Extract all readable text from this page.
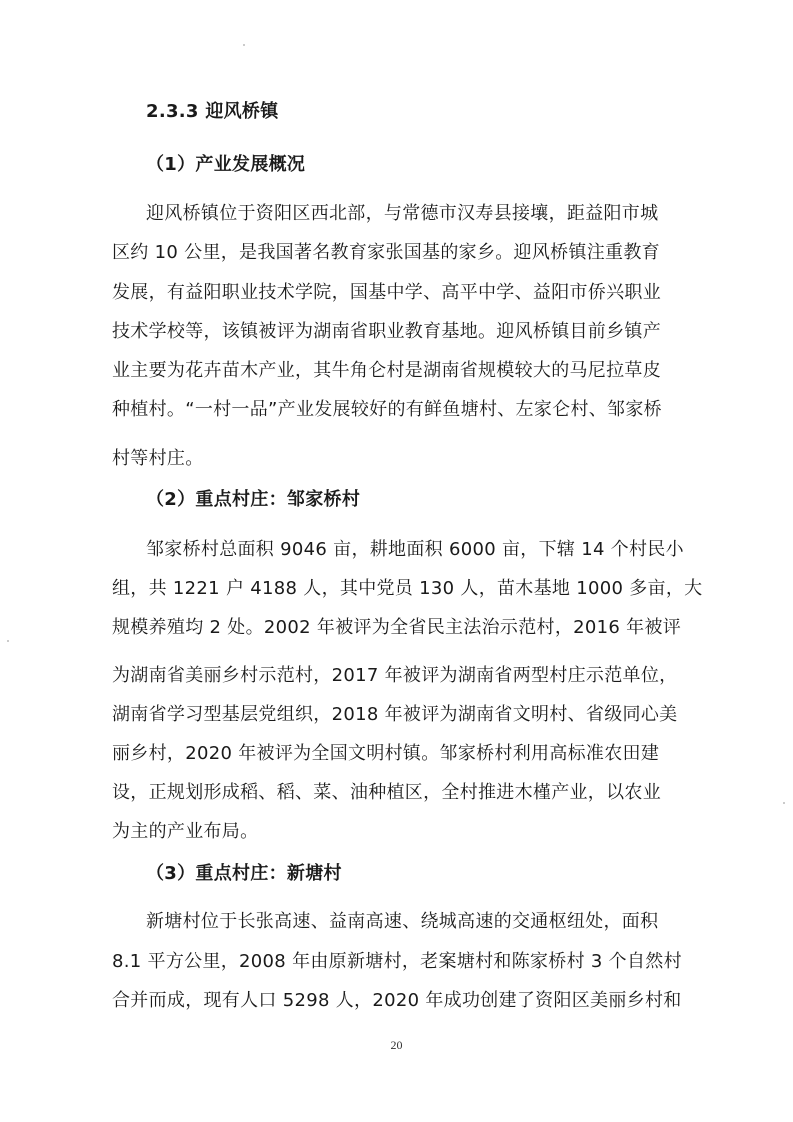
2.3.3 迎风桥镇
（1）产业发展概况
迎风桥镇位于资阳区西北部，与常德市汉寿县接壤，距益阳市城
区约 10 公里，是我国著名教育家张国基的家乡。迎风桥镇注重教育
发展，有益阳职业技术学院，国基中学、高平中学、益阳市侨兴职业
技术学校等，该镇被评为湖南省职业教育基地。迎风桥镇目前乡镇产
业主要为花卉苗木产业，其牛角仑村是湖南省规模较大的马尼拉草皮
种植村。“一村一品”产业发展较好的有鲜鱼塘村、左家仑村、邹家桥
村等村庄。
（2）重点村庄：邹家桥村
邹家桥村总面积 9046 亩，耕地面积 6000 亩，下辖 14 个村民小
组，共 1221 户 4188 人，其中党员 130 人，苗木基地 1000 多亩，大
规模养殖均 2 处。2002 年被评为全省民主法治示范村，2016 年被评
为湖南省美丽乡村示范村，2017 年被评为湖南省两型村庄示范单位，
湖南省学习型基层党组织，2018 年被评为湖南省文明村、省级同心美
丽乡村，2020 年被评为全国文明村镇。邹家桥村利用高标准农田建
设，正规划形成稻、稻、菜、油种植区，全村推进木槿产业，以农业
为主的产业布局。
（3）重点村庄：新塘村
新塘村位于长张高速、益南高速、绕城高速的交通枢纽处，面积
8.1 平方公里，2008 年由原新塘村，老案塘村和陈家桥村 3 个自然村
合并而成，现有人口 5298 人，2020 年成功创建了资阳区美丽乡村和
20
